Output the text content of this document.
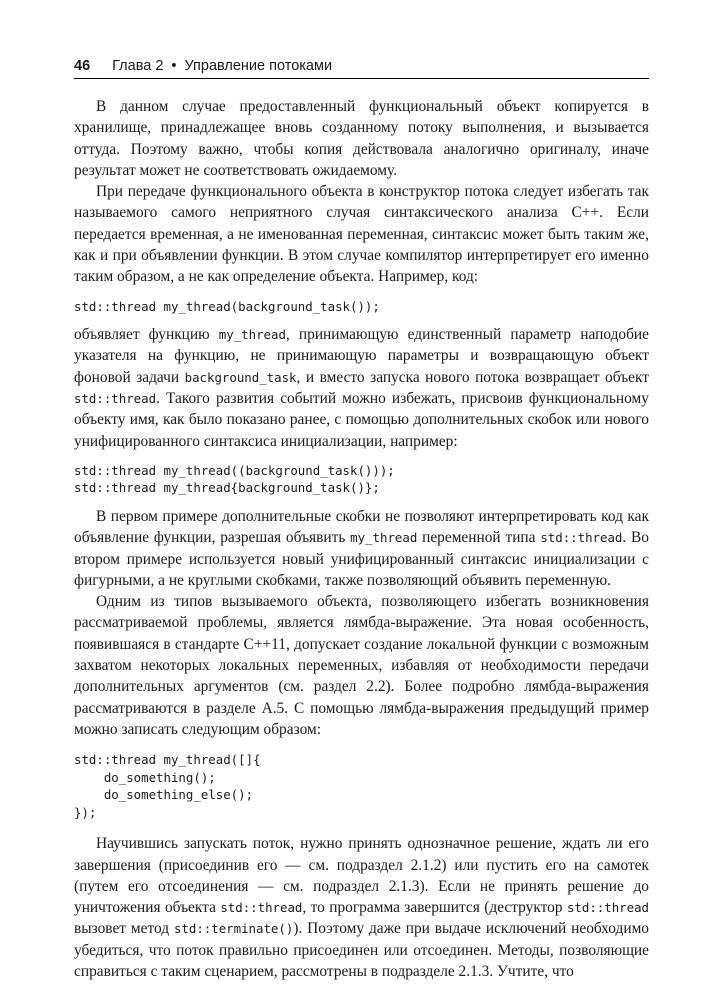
46 Глава 2 • Управление потоками

В данном случае предоставленный функциональный объект копируется в хранилище, принадлежащее вновь созданному потоку выполнения, и вызывается оттуда. Поэтому важно, чтобы копия действовала аналогично оригиналу, иначе результат может не соответствовать ожидаемому.

При передаче функционального объекта в конструктор потока следует избегать так называемого самого неприятного случая синтаксического анализа C++. Если передается временная, а не именованная переменная, синтаксис может быть таким же, как и при объявлении функции. В этом случае компилятор интерпретирует его именно таким образом, а не как определение объекта. Например, код:

std::thread my_thread(background_task());

объявляет функцию my_thread, принимающую единственный параметр наподобие указателя на функцию, не принимающую параметры и возвращающую объект фоновой задачи background_task, и вместо запуска нового потока возвращает объект std::thread. Такого развития событий можно избежать, присвоив функциональному объекту имя, как было показано ранее, с помощью дополнительных скобок или нового унифицированного синтаксиса инициализации, например:

std::thread my_thread((background_task()));
std::thread my_thread{background_task()};

В первом примере дополнительные скобки не позволяют интерпретировать код как объявление функции, разрешая объявить my_thread переменной типа std::thread. Во втором примере используется новый унифицированный синтаксис инициализации с фигурными, а не круглыми скобками, также позволяющий объявить переменную.

Одним из типов вызываемого объекта, позволяющего избегать возникновения рассматриваемой проблемы, является лямбда-выражение. Эта новая особенность, появившаяся в стандарте C++11, допускает создание локальной функции с возможным захватом некоторых локальных переменных, избавляя от необходимости передачи дополнительных аргументов (см. раздел 2.2). Более подробно лямбда-выражения рассматриваются в разделе A.5. С помощью лямбда-выражения предыдущий пример можно записать следующим образом:

std::thread my_thread([]{
do_something();
do_something_else();
});

Научившись запускать поток, нужно принять однозначное решение, ждать ли его завершения (присоединив его — см. подраздел 2.1.2) или пустить его на самотек (путем его отсоединения — см. подраздел 2.1.3). Если не принять решение до уничтожения объекта std::thread, то программа завершится (деструктор std::thread вызовет метод std::terminate()). Поэтому даже при выдаче исключений необходимо убедиться, что поток правильно присоединен или отсоединен. Методы, позволяющие справиться с таким сценарием, рассмотрены в подразделе 2.1.3. Учтите, что
